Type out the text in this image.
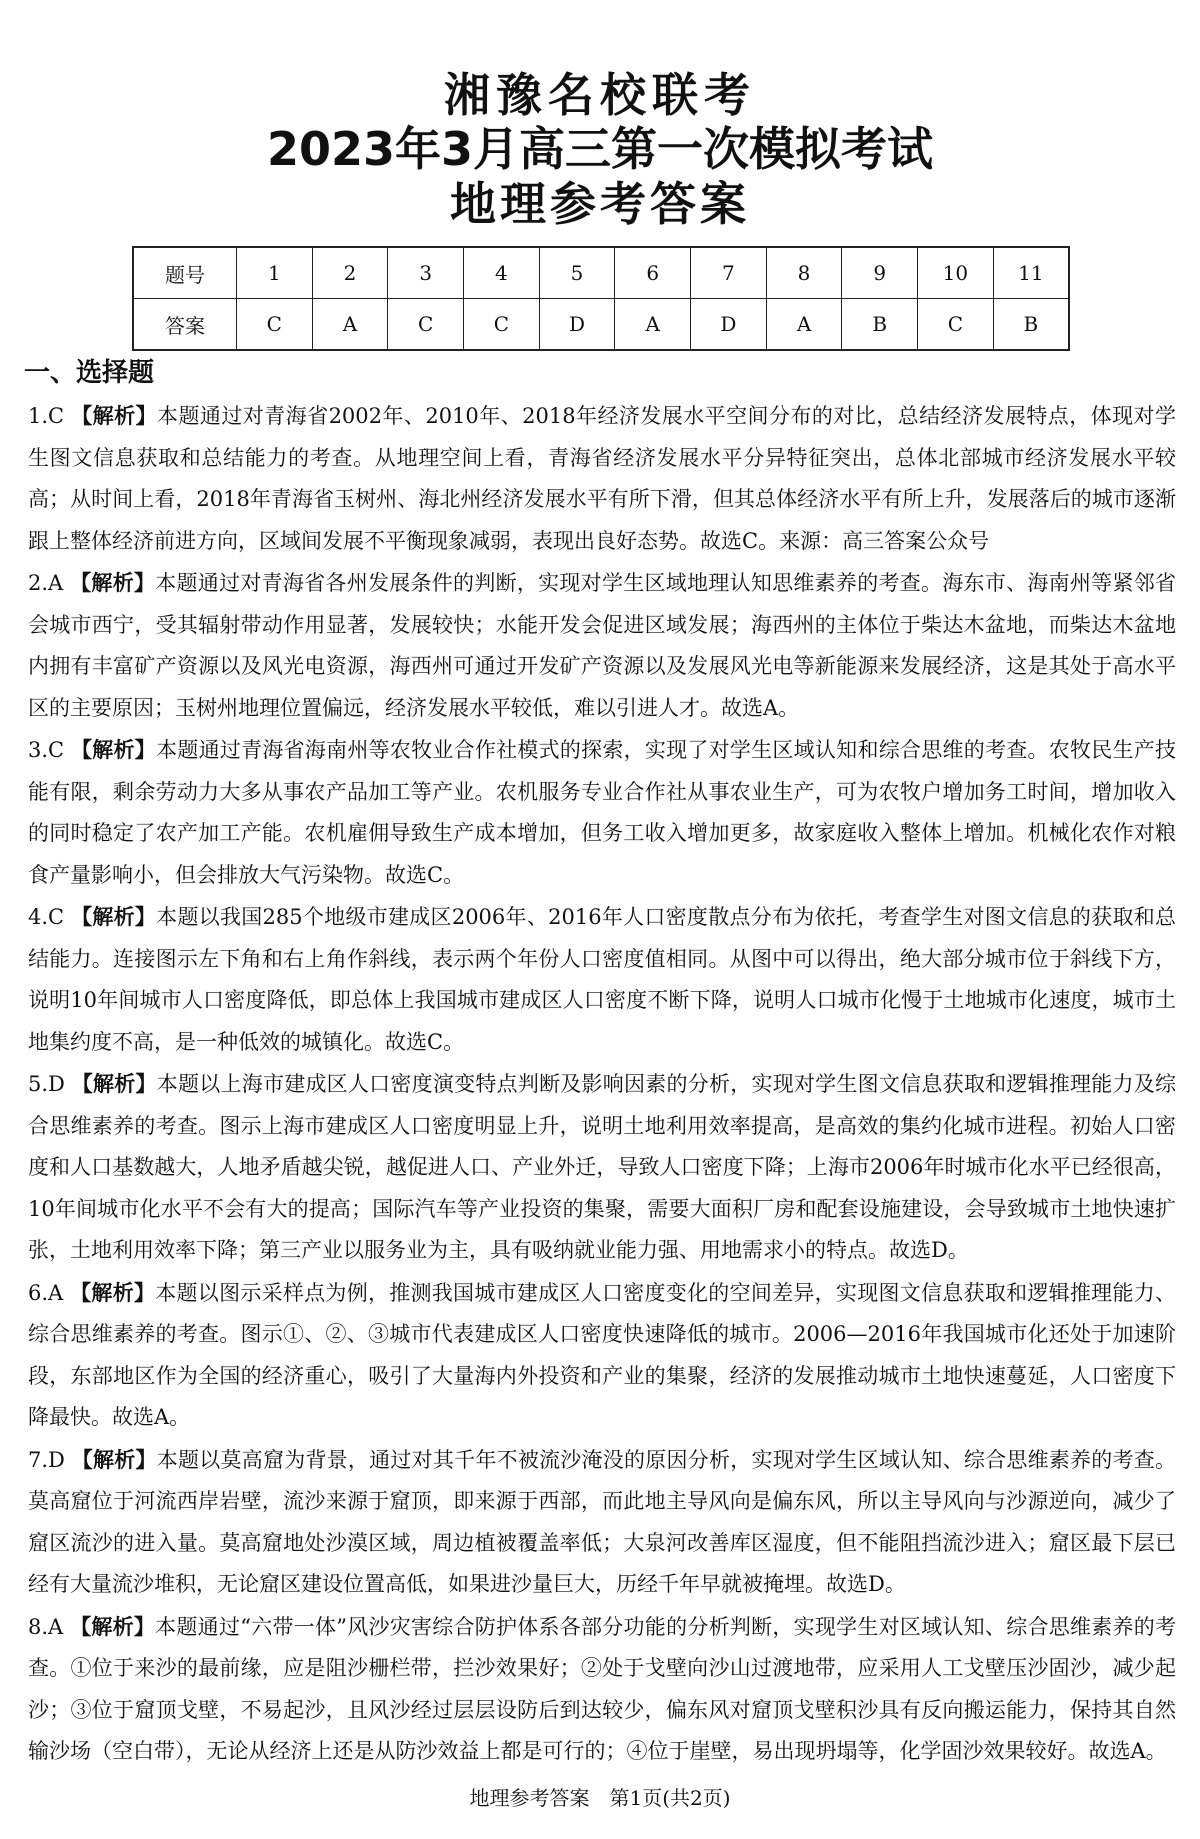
湘豫名校联考
2023年3月高三第一次模拟考试
地理参考答案
题号	1	2	3	4	5	6	7	8	9	10	11
答案	C	A	C	C	D	A	D	A	B	C	B
一、选择题

1.C 【解析】本题通过对青海省2002年、2010年、2018年经济发展水平空间分布的对比，总结经济发展特点，体现对学生图文信息获取和总结能力的考查。从地理空间上看，青海省经济发展水平分异特征突出，总体北部城市经济发展水平较高；从时间上看，2018年青海省玉树州、海北州经济发展水平有所下滑，但其总体经济水平有所上升，发展落后的城市逐渐跟上整体经济前进方向，区域间发展不平衡现象减弱，表现出良好态势。故选C。来源：高三答案公众号

2.A 【解析】本题通过对青海省各州发展条件的判断，实现对学生区域地理认知思维素养的考查。海东市、海南州等紧邻省会城市西宁，受其辐射带动作用显著，发展较快；水能开发会促进区域发展；海西州的主体位于柴达木盆地，而柴达木盆地内拥有丰富矿产资源以及风光电资源，海西州可通过开发矿产资源以及发展风光电等新能源来发展经济，这是其处于高水平区的主要原因；玉树州地理位置偏远，经济发展水平较低，难以引进人才。故选A。

3.C 【解析】本题通过青海省海南州等农牧业合作社模式的探索，实现了对学生区域认知和综合思维的考查。农牧民生产技能有限，剩余劳动力大多从事农产品加工等产业。农机服务专业合作社从事农业生产，可为农牧户增加务工时间，增加收入的同时稳定了农产加工产能。农机雇佣导致生产成本增加，但务工收入增加更多，故家庭收入整体上增加。机械化农作对粮食产量影响小，但会排放大气污染物。故选C。

4.C 【解析】本题以我国285个地级市建成区2006年、2016年人口密度散点分布为依托，考查学生对图文信息的获取和总结能力。连接图示左下角和右上角作斜线，表示两个年份人口密度值相同。从图中可以得出，绝大部分城市位于斜线下方，说明10年间城市人口密度降低，即总体上我国城市建成区人口密度不断下降，说明人口城市化慢于土地城市化速度，城市土地集约度不高，是一种低效的城镇化。故选C。

5.D 【解析】本题以上海市建成区人口密度演变特点判断及影响因素的分析，实现对学生图文信息获取和逻辑推理能力及综合思维素养的考查。图示上海市建成区人口密度明显上升，说明土地利用效率提高，是高效的集约化城市进程。初始人口密度和人口基数越大，人地矛盾越尖锐，越促进人口、产业外迁，导致人口密度下降；上海市2006年时城市化水平已经很高，10年间城市化水平不会有大的提高；国际汽车等产业投资的集聚，需要大面积厂房和配套设施建设，会导致城市土地快速扩张，土地利用效率下降；第三产业以服务业为主，具有吸纳就业能力强、用地需求小的特点。故选D。

6.A 【解析】本题以图示采样点为例，推测我国城市建成区人口密度变化的空间差异，实现图文信息获取和逻辑推理能力、综合思维素养的考查。图示①、②、③城市代表建成区人口密度快速降低的城市。2006—2016年我国城市化还处于加速阶段，东部地区作为全国的经济重心，吸引了大量海内外投资和产业的集聚，经济的发展推动城市土地快速蔓延，人口密度下降最快。故选A。

7.D 【解析】本题以莫高窟为背景，通过对其千年不被流沙淹没的原因分析，实现对学生区域认知、综合思维素养的考查。莫高窟位于河流西岸岩壁，流沙来源于窟顶，即来源于西部，而此地主导风向是偏东风，所以主导风向与沙源逆向，减少了窟区流沙的进入量。莫高窟地处沙漠区域，周边植被覆盖率低；大泉河改善库区湿度，但不能阻挡流沙进入；窟区最下层已经有大量流沙堆积，无论窟区建设位置高低，如果进沙量巨大，历经千年早就被掩埋。故选D。

8.A 【解析】本题通过“六带一体”风沙灾害综合防护体系各部分功能的分析判断，实现学生对区域认知、综合思维素养的考查。①位于来沙的最前缘，应是阻沙栅栏带，拦沙效果好；②处于戈壁向沙山过渡地带，应采用人工戈壁压沙固沙，减少起沙；③位于窟顶戈壁，不易起沙，且风沙经过层层设防后到达较少，偏东风对窟顶戈壁积沙具有反向搬运能力，保持其自然输沙场（空白带），无论从经济上还是从防沙效益上都是可行的；④位于崖壁，易出现坍塌等，化学固沙效果较好。故选A。

地理参考答案　第1页(共2页)
